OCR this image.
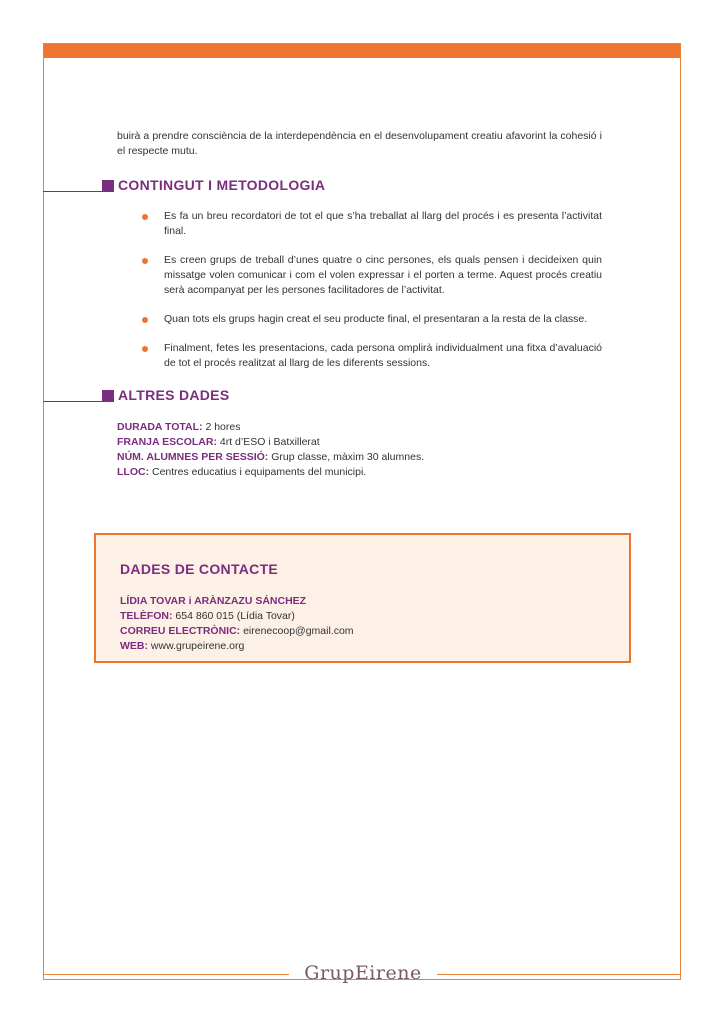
buirà a prendre consciència de la interdependència en el desenvolupament creatiu afavorint la cohesió i el respecte mutu.

CONTINGUT I METODOLOGIA
Es fa un breu recordatori de tot el que s’ha treballat al llarg del procés i es presenta l’activitat final.
Es creen grups de treball d’unes quatre o cinc persones, els quals pensen i decideixen quin missatge volen comunicar i com el volen expressar i el porten a terme. Aquest procés creatiu serà acompanyat per les persones facilitadores de l’activitat.
Quan tots els grups hagin creat el seu producte final, el presentaran a la resta de la classe.
Finalment, fetes les presentacions, cada persona omplirà individualment una fitxa d’avaluació de tot el procés realitzat al llarg de les diferents sessions.
ALTRES DADES
DURADA TOTAL: 2 hores
FRANJA ESCOLAR: 4rt d’ESO i Batxillerat
NÚM. ALUMNES PER SESSIÓ: Grup classe, màxim 30 alumnes.
LLOC: Centres educatius i equipaments del municipi.
DADES DE CONTACTE
LÍDIA TOVAR i ARÀNZAZU SÁNCHEZ
TELÈFON: 654 860 015 (Lídia Tovar)
CORREU ELECTRÒNIC: eirenecoop@gmail.com
WEB: www.grupeirene.org
GrupEirene
